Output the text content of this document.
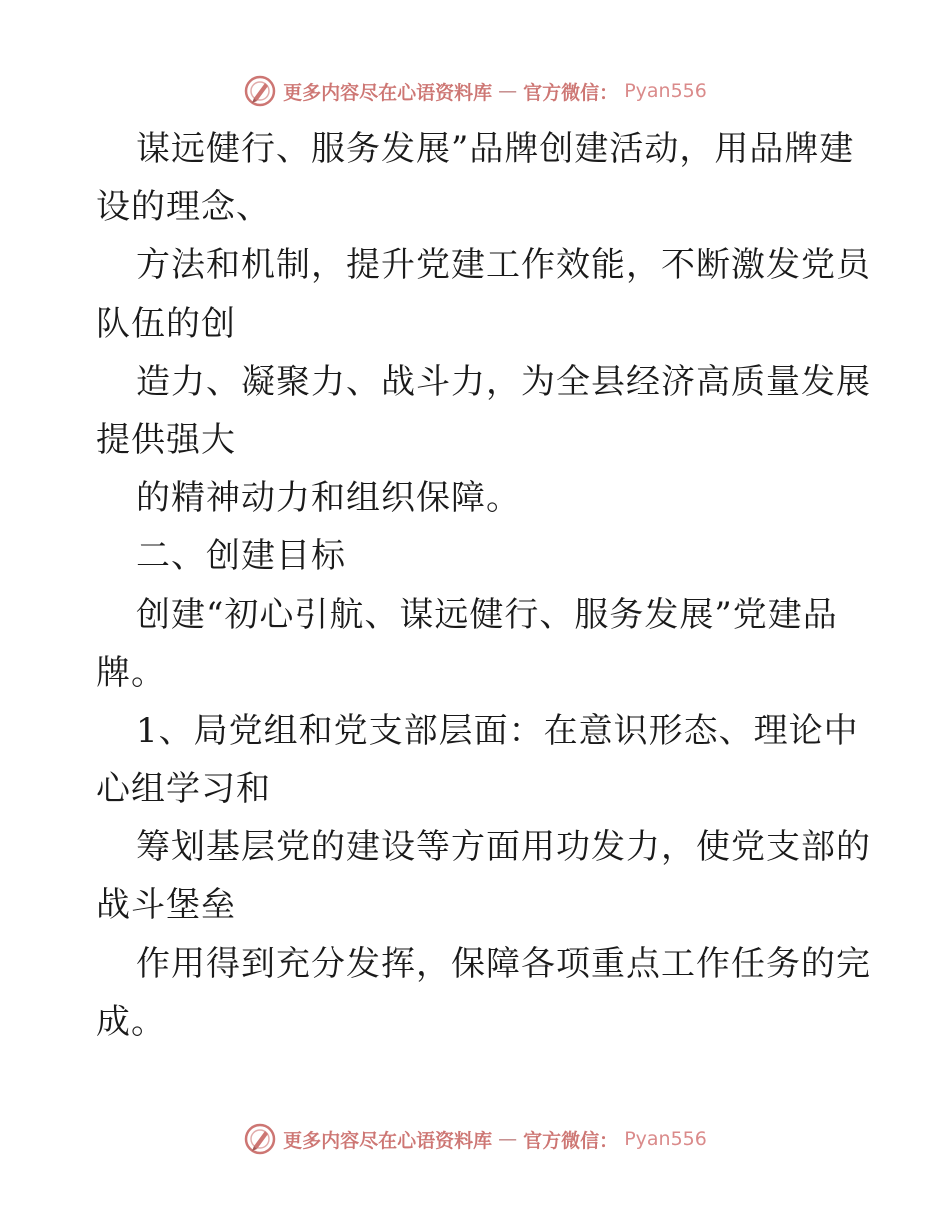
更多内容尽在心语资料库 — 官方微信： Pyan556
谋远健行、服务发展”品牌创建活动，用品牌建
设的理念、
方法和机制，提升党建工作效能，不断激发党员
队伍的创
造力、凝聚力、战斗力，为全县经济高质量发展
提供强大
的精神动力和组织保障。
二、创建目标
创建“初心引航、谋远健行、服务发展”党建品
牌。
1、局党组和党支部层面：在意识形态、理论中
心组学习和
筹划基层党的建设等方面用功发力，使党支部的
战斗堡垒
作用得到充分发挥，保障各项重点工作任务的完
成。
更多内容尽在心语资料库 — 官方微信： Pyan556
